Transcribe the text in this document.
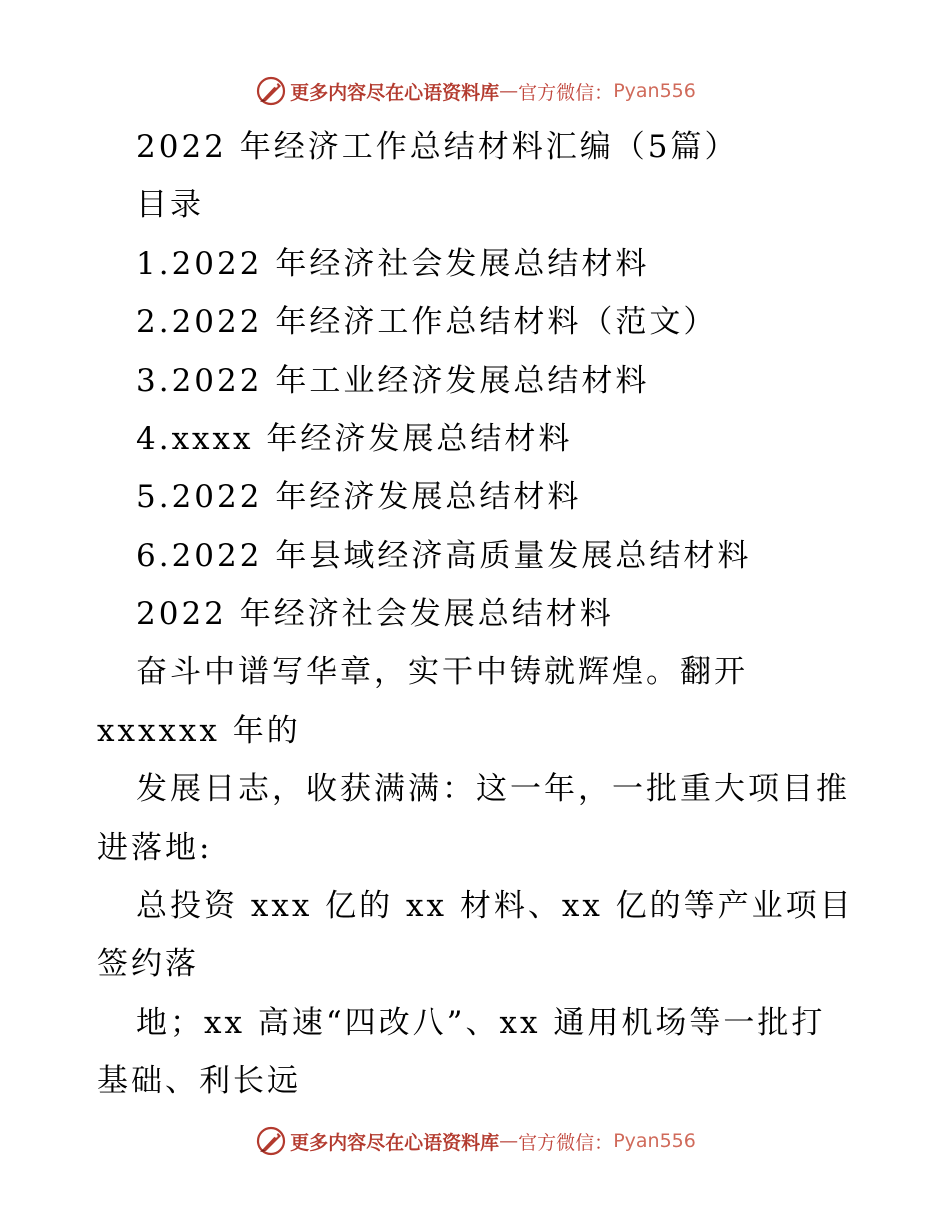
更多内容尽在心语资料库 — 官方微信： Pyan556
2022 年经济工作总结材料汇编（5篇）
目录
1.2022 年经济社会发展总结材料
2.2022 年经济工作总结材料（范文）
3.2022 年工业经济发展总结材料
4.xxxx 年经济发展总结材料
5.2022 年经济发展总结材料
6.2022 年县域经济高质量发展总结材料
2022 年经济社会发展总结材料
奋斗中谱写华章，实干中铸就辉煌。翻开
xxxxxx 年的
发展日志，收获满满：这一年，一批重大项目推
进落地:
总投资 xxx 亿的 xx 材料、xx 亿的等产业项目
签约落
地；xx 高速“四改八”、xx 通用机场等一批打
基础、利长远
更多内容尽在心语资料库 — 官方微信： Pyan556
